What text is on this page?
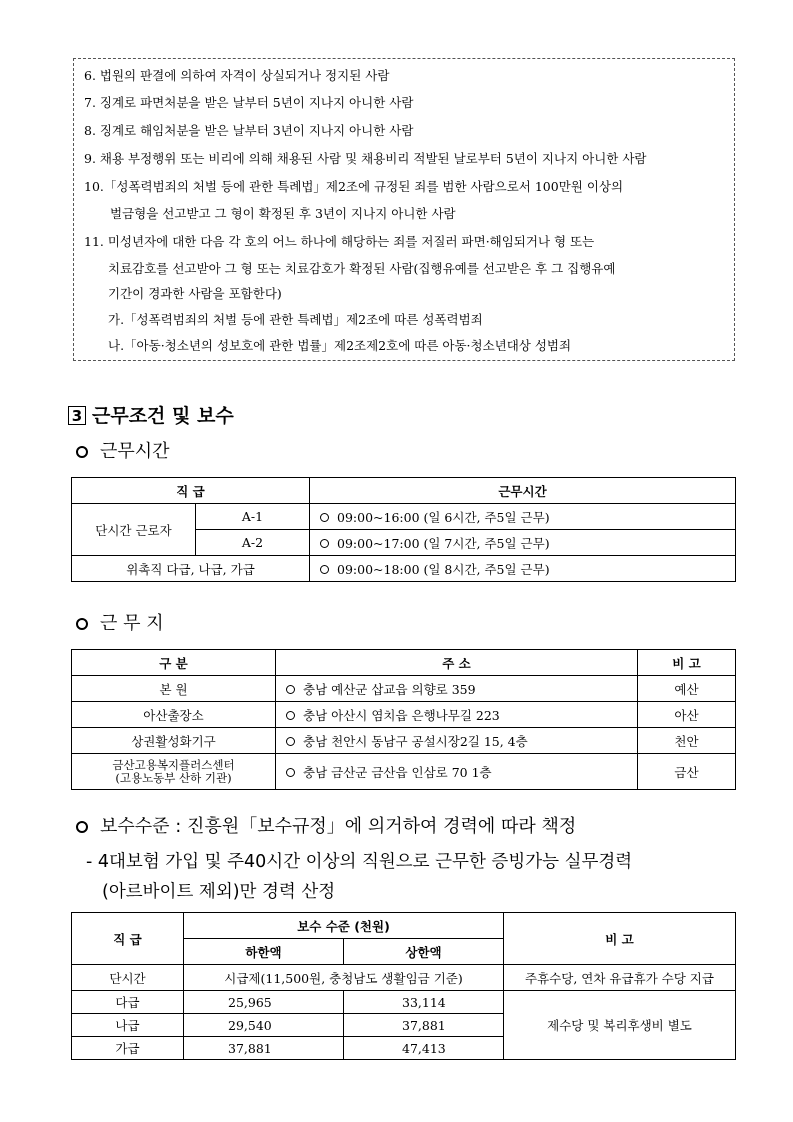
6. 법원의 판결에 의하여 자격이 상실되거나 정지된 사람
7. 징계로 파면처분을 받은 날부터 5년이 지나지 아니한 사람
8. 징계로 해임처분을 받은 날부터 3년이 지나지 아니한 사람
9. 채용 부정행위 또는 비리에 의해 채용된 사람 및 채용비리 적발된 날로부터 5년이 지나지 아니한 사람
10.「성폭력범죄의 처벌 등에 관한 특례법」제2조에 규정된 죄를 범한 사람으로서 100만원 이상의
벌금형을 선고받고 그 형이 확정된 후 3년이 지나지 아니한 사람
11. 미성년자에 대한 다음 각 호의 어느 하나에 해당하는 죄를 저질러 파면·해임되거나 형 또는
치료감호를 선고받아 그 형 또는 치료감호가 확정된 사람(집행유예를 선고받은 후 그 집행유예
기간이 경과한 사람을 포함한다)
가.「성폭력범죄의 처벌 등에 관한 특례법」제2조에 따른 성폭력범죄
나.「아동·청소년의 성보호에 관한 법률」제2조제2호에 따른 아동·청소년대상 성범죄
3 근무조건 및 보수
근무시간
직 급		근무시간
단시간 근로자	A-1	09:00~16:00 (일 6시간, 주5일 근무)
	A-2	09:00~17:00 (일 7시간, 주5일 근무)
위촉직 다급, 나급, 가급		09:00~18:00 (일 8시간, 주5일 근무)
근 무 지
구 분	주 소	비 고
본 원	충남 예산군 삽교읍 의향로 359	예산
아산출장소	충남 아산시 염치읍 은행나무길 223	아산
상권활성화기구	충남 천안시 동남구 공설시장2길 15, 4층	천안

금산고용복지플러스센터
(고용노동부 산하 기관)	충남 금산군 금산읍 인삼로 70 1층	금산
보수수준 : 진흥원「보수규정」에 의거하여 경력에 따라 책정
- 4대보험 가입 및 주40시간 이상의 직원으로 근무한 증빙가능 실무경력
(아르바이트 제외)만 경력 산정
직 급	보수 수준 (천원)		비 고
	하한액	상한액	
단시간	시급제(11,500원, 충청남도 생활임금 기준)		주휴수당, 연차 유급휴가 수당 지급
다급	25,965	33,114	제수당 및 복리후생비 별도
나급	29,540	37,881	
가급	37,881	47,413	
